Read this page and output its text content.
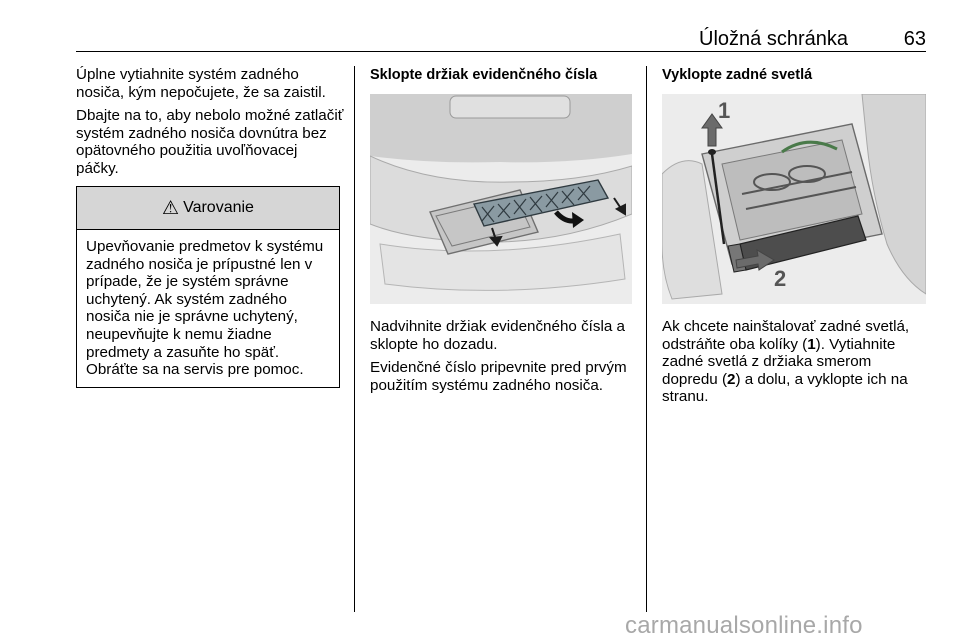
Úložná schránka	63

Úplne vytiahnite systém zadného nosiča, kým nepočujete, že sa zaistil.

Dbajte na to, aby nebolo možné zatlačiť systém zadného nosiča dovnútra bez opätovného použitia uvoľňovacej páčky.

⚠ Varovanie

Upevňovanie predmetov k systému zadného nosiča je prípustné len v prípade, že je systém správne uchytený. Ak systém zadného nosiča nie je správne uchytený, neupevňujte k nemu žiadne predmety a zasuňte ho späť. Obráťte sa na servis pre pomoc.

Sklopte držiak evidenčného čísla

Nadvihnite držiak evidenčného čísla a sklopte ho dozadu.

Evidenčné číslo pripevnite pred prvým použitím systému zadného nosiča.

Vyklopte zadné svetlá
1
2

Ak chcete nainštalovať zadné svetlá, odstráňte oba kolíky (1). Vytiahnite zadné svetlá z držiaka smerom dopredu (2) a dolu, a vyklopte ich na stranu.

carmanualsonline.info
